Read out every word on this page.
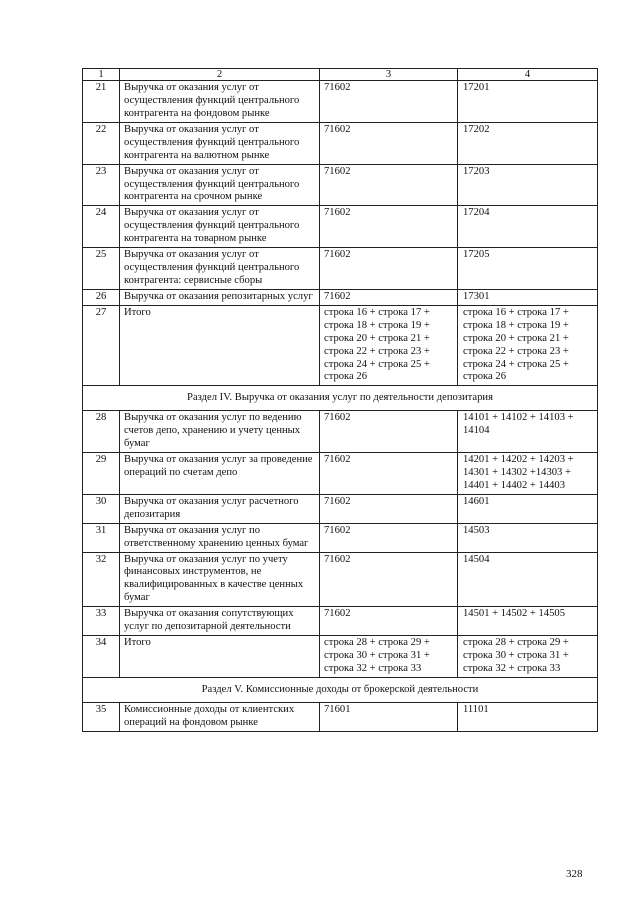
1	2	3	4
21	Выручка от оказания услуг от осуществления функций центрального контрагента на фондовом рынке	71602	17201
22	Выручка от оказания услуг от осуществления функций центрального контрагента на валютном рынке	71602	17202
23	Выручка от оказания услуг от осуществления функций центрального контрагента на срочном рынке	71602	17203
24	Выручка от оказания услуг от осуществления функций центрального контрагента на товарном рынке	71602	17204
25	Выручка от оказания услуг от осуществления функций центрального контрагента: сервисные сборы	71602	17205
26	Выручка от оказания репозитарных услуг	71602	17301
27	Итого	строка 16 + строка 17 + строка 18 + строка 19 + строка 20 + строка 21 + строка 22 + строка 23 + строка 24 + строка 25 + строка 26	строка 16 + строка 17 + строка 18 + строка 19 + строка 20 + строка 21 + строка 22 + строка 23 + строка 24 + строка 25 + строка 26
Раздел IV. Выручка от оказания услуг по деятельности депозитария			
28	Выручка от оказания услуг по ведению счетов депо, хранению и учету ценных бумаг	71602	14101 + 14102 + 14103 + 14104
29	Выручка от оказания услуг за проведение операций по счетам депо	71602	14201 + 14202 + 14203 + 14301 + 14302 +14303 + 14401 + 14402 + 14403
30	Выручка от оказания услуг расчетного депозитария	71602	14601
31	Выручка от оказания услуг по ответственному хранению ценных бумаг	71602	14503
32	Выручка от оказания услуг по учету финансовых инструментов, не квалифицированных в качестве ценных бумаг	71602	14504
33	Выручка от оказания сопутствующих услуг по депозитарной деятельности	71602	14501 + 14502 + 14505
34	Итого	строка 28 + строка 29 + строка 30 + строка 31 + строка 32 + строка 33	строка 28 + строка 29 + строка 30 + строка 31 + строка 32 + строка 33
Раздел V. Комиссионные доходы от брокерской деятельности			
35	Комиссионные доходы от клиентских операций на фондовом рынке	71601	11101
328
